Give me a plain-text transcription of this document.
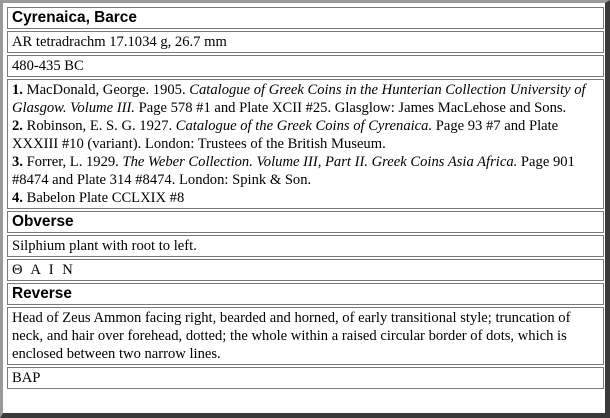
Cyrenaica, Barce
AR tetradrachm 17.1034 g, 26.7 mm
480-435 BC
1. MacDonald, George. 1905. Catalogue of Greek Coins in the Hunterian Collection University of Glasgow. Volume III. Page 578 #1 and Plate XCII #25. Glasglow: James MacLehose and Sons.
2. Robinson, E. S. G. 1927. Catalogue of the Greek Coins of Cyrenaica. Page 93 #7 and Plate XXXIII #10 (variant). London: Trustees of the British Museum.
3. Forrer, L. 1929. The Weber Collection. Volume III, Part II. Greek Coins Asia Africa. Page 901 #8474 and Plate 314 #8474. London: Spink & Son.
4. Babelon Plate CCLXIX #8
Obverse
Silphium plant with root to left.
Θ Α Ι Ν
Reverse
Head of Zeus Ammon facing right, bearded and horned, of early transitional style; truncation of neck, and hair over forehead, dotted; the whole within a raised circular border of dots, which is enclosed between two narrow lines.
BAP
